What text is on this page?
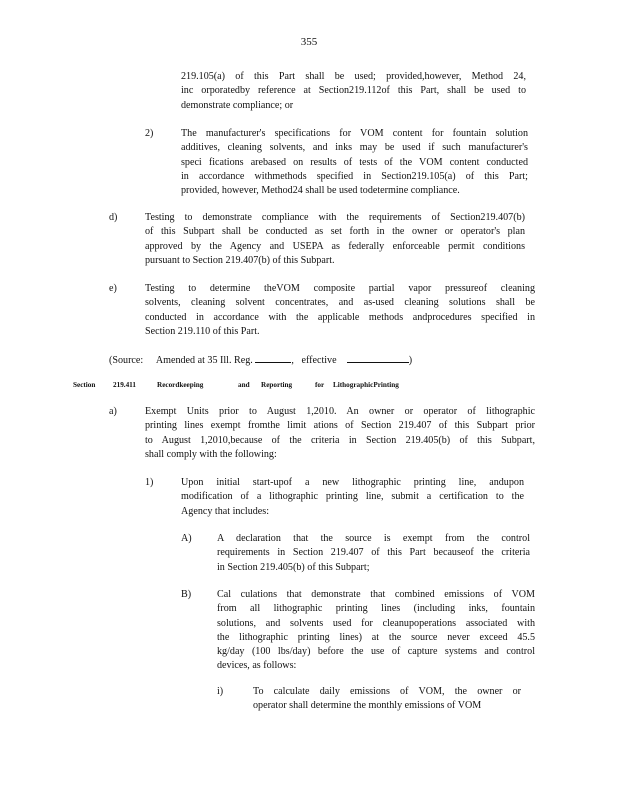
355
219.105(a) of this Part shall be used; provided,however, Method 24,
inc orporatedby reference at Section219.112of this Part, shall be used to
demonstrate compliance; or
2)	The manufacturer's specifications for VOM content for fountain solution
additives, cleaning solvents, and inks may be used if such manufacturer's
speci fications arebased on results of tests of the VOM content conducted
in accordance withmethods specified in Section219.105(a) of this Part;
provided, however, Method24 shall be used todetermine compliance.
d)	Testing to demonstrate compliance with the requirements of Section219.407(b)
of this Subpart shall be conducted as set forth in the owner or operator's plan
approved by the Agency and USEPA as federally enforceable permit conditions
pursuant to Section 219.407(b) of this Subpart.
e)	Testing to determine theVOM composite partial vapor pressureof cleaning
solvents, cleaning solvent concentrates, and as-used cleaning solutions shall be
conducted in accordance with the applicable methods andprocedures specified in
Section 219.110 of this Part.
(Source: Amended at 35 Ill. Reg.	, effective	)
Section 219.411	Recordkeeping	and Reporting	for LithographicPrinting
a)	Exempt Units prior to August 1,2010. An owner or operator of lithographic
printing lines exempt fromthe limit ations of Section 219.407 of this Subpart prior
to August 1,2010,because of the criteria in Section 219.405(b) of this Subpart,
shall comply with the following:
1)	Upon initial start-upof a new lithographic printing line, andupon
modification of a lithographic printing line, submit a certification to the
Agency that includes:
A)	A declaration that the source is exempt from the control
requirements in Section 219.407 of this Part becauseof the criteria
in Section 219.405(b) of this Subpart;
B)	Cal culations that demonstrate that combined emissions of VOM
from all lithographic printing lines (including inks, fountain
solutions, and solvents used for cleanupoperations associated with
the lithographic printing lines) at the source never exceed 45.5
kg/day (100 lbs/day) before the use of capture systems and control
devices, as follows:
i)	To calculate daily emissions of VOM, the owner or
operator shall determine the monthly emissions of VOM
